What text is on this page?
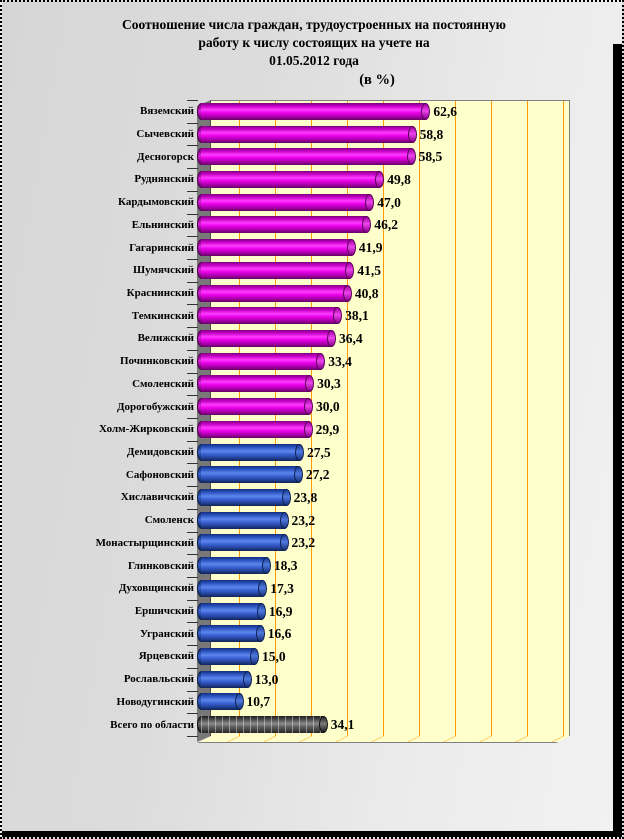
Соотношение числа граждан, трудоустроенных на постоянную
работу к числу состоящих на учете на
01.05.2012 года
(в %)
Вяземский	62,6
Сычевский	58,8
Десногорск	58,5
Руднянский	49,8
Кардымовский	47,0
Ельнинский	46,2
Гагаринский	41,9
Шумячский	41,5
Краснинский	40,8
Темкинский	38,1
Велижский	36,4
Починковский	33,4
Смоленский	30,3
Дорогобужский	30,0
Холм-Жирковский	29,9
Демидовский	27,5
Сафоновский	27,2
Хиславичский	23,8
Смоленск	23,2
Монастырщинский	23,2
Глинковский	18,3
Духовщинский	17,3
Ершичский	16,9
Угранский	16,6
Ярцевский	15,0
Рославльский	13,0
Новодугинский	10,7
Всего по области	34,1
